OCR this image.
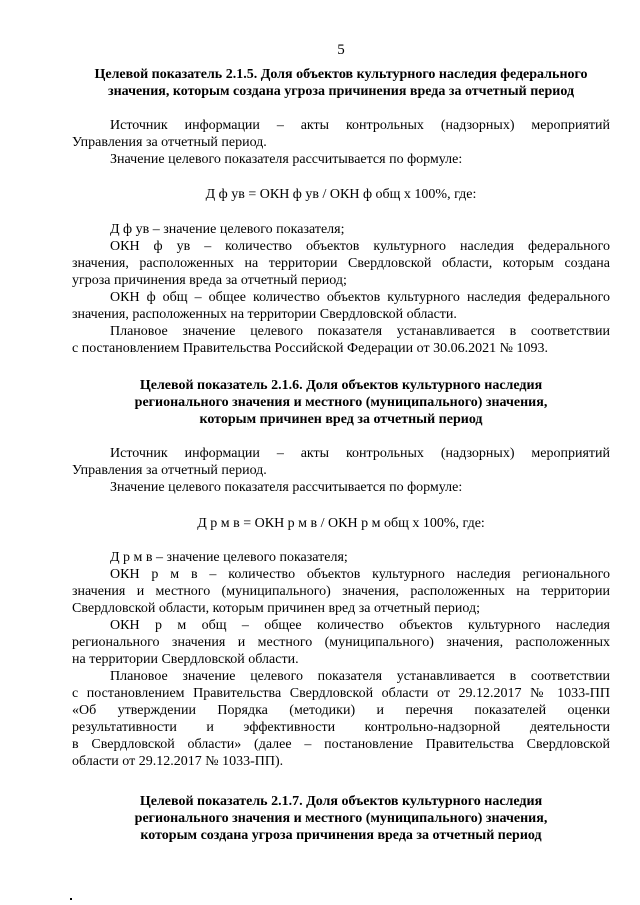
5
Целевой показатель 2.1.5. Доля объектов культурного наследия федерального
значения, которым создана угроза причинения вреда за отчетный период
Источник информации – акты контрольных (надзорных) мероприятий
Управления за отчетный период.
Значение целевого показателя рассчитывается по формуле:
Д ф ув = ОКН ф ув / ОКН ф общ х 100%, где:
Д ф ув – значение целевого показателя;
ОКН ф ув – количество объектов культурного наследия федерального
значения, расположенных на территории Свердловской области, которым создана
угроза причинения вреда за отчетный период;
ОКН ф общ – общее количество объектов культурного наследия федерального
значения, расположенных на территории Свердловской области.
Плановое значение целевого показателя устанавливается в соответствии
с постановлением Правительства Российской Федерации от 30.06.2021 № 1093.
Целевой показатель 2.1.6. Доля объектов культурного наследия
регионального значения и местного (муниципального) значения,
которым причинен вред за отчетный период
Источник информации – акты контрольных (надзорных) мероприятий
Управления за отчетный период.
Значение целевого показателя рассчитывается по формуле:
Д р м в = ОКН р м в / ОКН р м общ х 100%, где:
Д р м в – значение целевого показателя;
ОКН р м в – количество объектов культурного наследия регионального
значения и местного (муниципального) значения, расположенных на территории
Свердловской области, которым причинен вред за отчетный период;
ОКН р м общ – общее количество объектов культурного наследия
регионального значения и местного (муниципального) значения, расположенных
на территории Свердловской области.
Плановое значение целевого показателя устанавливается в соответствии
с постановлением Правительства Свердловской области от 29.12.2017 № 1033-ПП
«Об утверждении Порядка (методики) и перечня показателей оценки
результативности и эффективности контрольно-надзорной деятельности
в Свердловской области» (далее – постановление Правительства Свердловской
области от 29.12.2017 № 1033-ПП).
Целевой показатель 2.1.7. Доля объектов культурного наследия
регионального значения и местного (муниципального) значения,
которым создана угроза причинения вреда за отчетный период
